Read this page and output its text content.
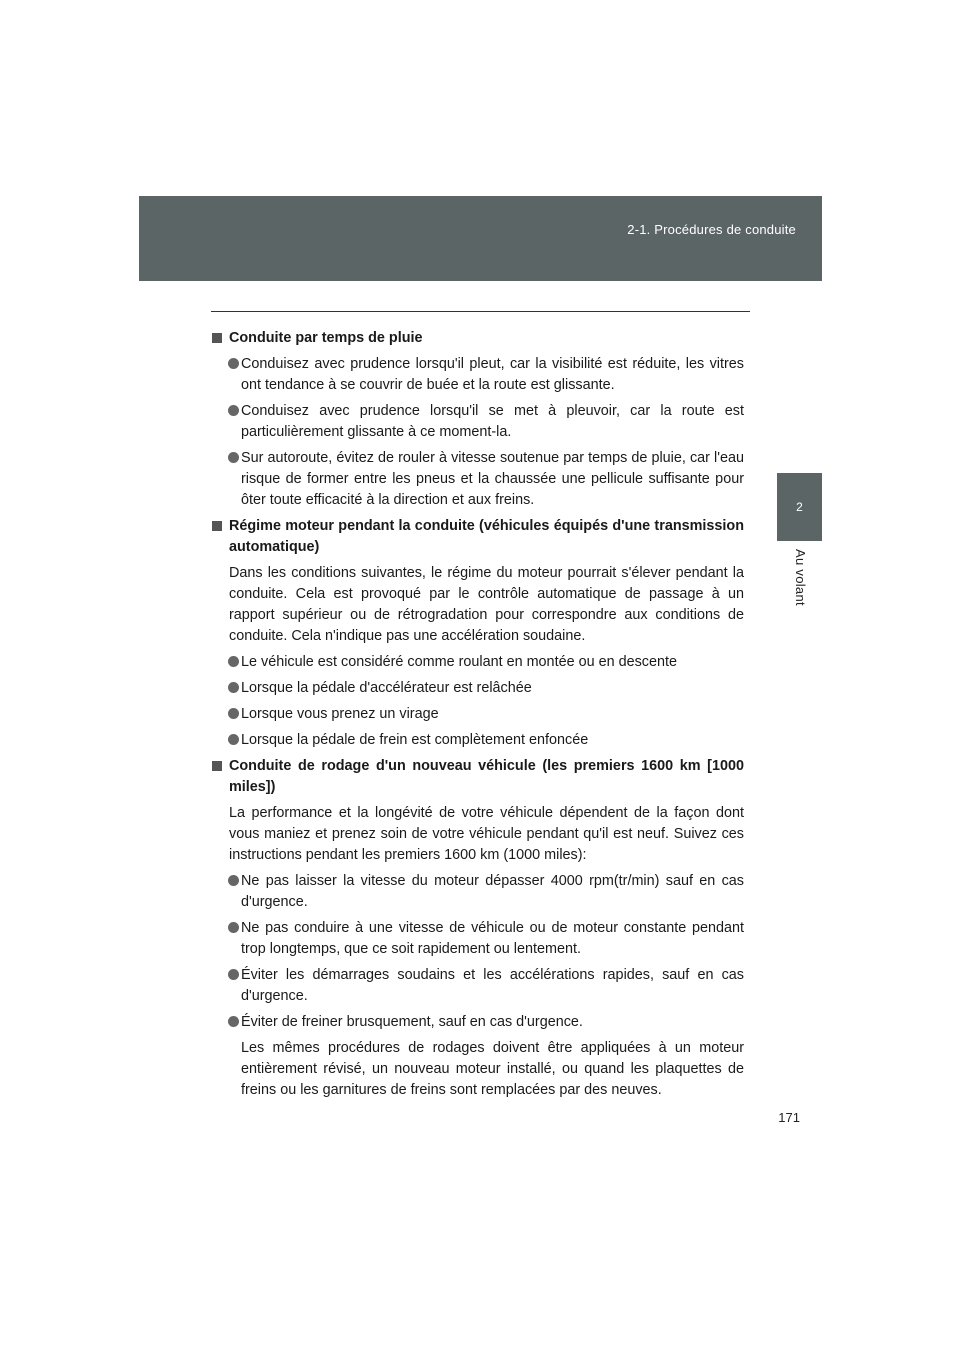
2-1. Procédures de conduite
2
Au volant
Conduite par temps de pluie
Conduisez avec prudence lorsqu'il pleut, car la visibilité est réduite, les vitres ont tendance à se couvrir de buée et la route est glissante.
Conduisez avec prudence lorsqu'il se met à pleuvoir, car la route est particulièrement glissante à ce moment-la.
Sur autoroute, évitez de rouler à vitesse soutenue par temps de pluie, car l'eau risque de former entre les pneus et la chaussée une pellicule suffisante pour ôter toute efficacité à la direction et aux freins.
Régime moteur pendant la conduite (véhicules équipés d'une transmission automatique)
Dans les conditions suivantes, le régime du moteur pourrait s'élever pendant la conduite. Cela est provoqué par le contrôle automatique de passage à un rapport supérieur ou de rétrogradation pour correspondre aux conditions de conduite. Cela n'indique pas une accélération soudaine.
Le véhicule est considéré comme roulant en montée ou en descente
Lorsque la pédale d'accélérateur est relâchée
Lorsque vous prenez un virage
Lorsque la pédale de frein est complètement enfoncée
Conduite de rodage d'un nouveau véhicule (les premiers 1600 km [1000 miles])
La performance et la longévité de votre véhicule dépendent de la façon dont vous maniez et prenez soin de votre véhicule pendant qu'il est neuf. Suivez ces instructions pendant les premiers 1600 km (1000 miles):
Ne pas laisser la vitesse du moteur dépasser 4000 rpm(tr/min) sauf en cas d'urgence.
Ne pas conduire à une vitesse de véhicule ou de moteur constante pendant trop longtemps, que ce soit rapidement ou lentement.
Éviter les démarrages soudains et les accélérations rapides, sauf en cas d'urgence.
Éviter de freiner brusquement, sauf en cas d'urgence.
Les mêmes procédures de rodages doivent être appliquées à un moteur entièrement révisé, un nouveau moteur installé, ou quand les plaquettes de freins ou les garnitures de freins sont remplacées par des neuves.
171
